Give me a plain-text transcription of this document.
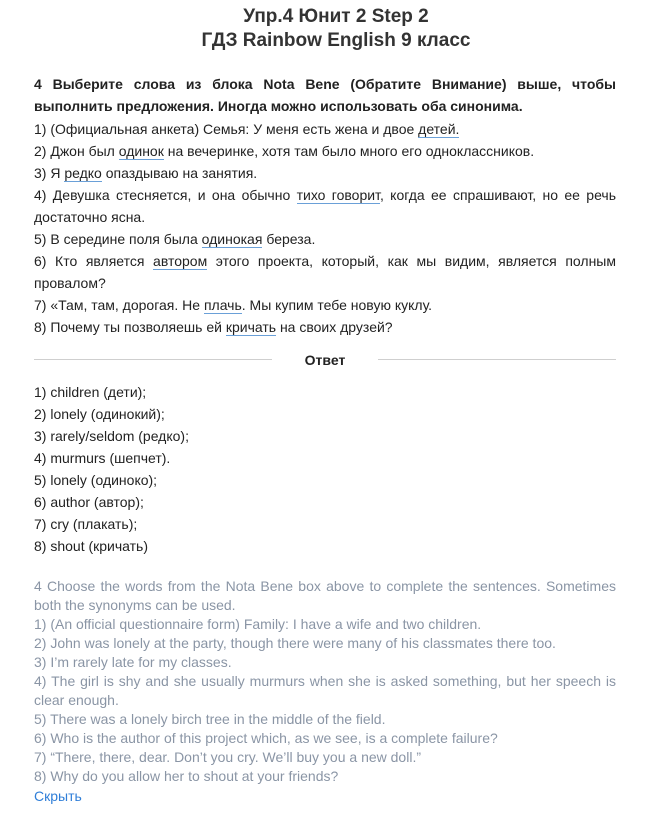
Упр.4 Юнит 2 Step 2
ГДЗ Rainbow English 9 класс
4 Выберите слова из блока Nota Bene (Обратите Внимание) выше, чтобы выполнить предложения. Иногда можно использовать оба синонима.
1) (Официальная анкета) Семья: У меня есть жена и двое детей.
2) Джон был одинок на вечеринке, хотя там было много его одноклассников.
3) Я редко опаздываю на занятия.
4) Девушка стесняется, и она обычно тихо говорит, когда ее спрашивают, но ее речь достаточно ясна.
5) В середине поля была одинокая береза.
6) Кто является автором этого проекта, который, как мы видим, является полным провалом?
7) «Там, там, дорогая. Не плачь. Мы купим тебе новую куклу.
8) Почему ты позволяешь ей кричать на своих друзей?
Ответ
1) children (дети);
2) lonely (одинокий);
3) rarely/seldom (редко);
4) murmurs (шепчет).
5) lonely (одиноко);
6) author (автор);
7) cry (плакать);
8) shout (кричать)
4 Choose the words from the Nota Bene box above to complete the sentences. Sometimes both the synonyms can be used.
1) (An official questionnaire form) Family: I have a wife and two children.
2) John was lonely at the party, though there were many of his classmates there too.
3) I’m rarely late for my classes.
4) The girl is shy and she usually murmurs when she is asked something, but her speech is clear enough.
5) There was a lonely birch tree in the middle of the field.
6) Who is the author of this project which, as we see, is a complete failure?
7) “There, there, dear. Don’t you cry. We’ll buy you a new doll.”
8) Why do you allow her to shout at your friends?
Скрыть
